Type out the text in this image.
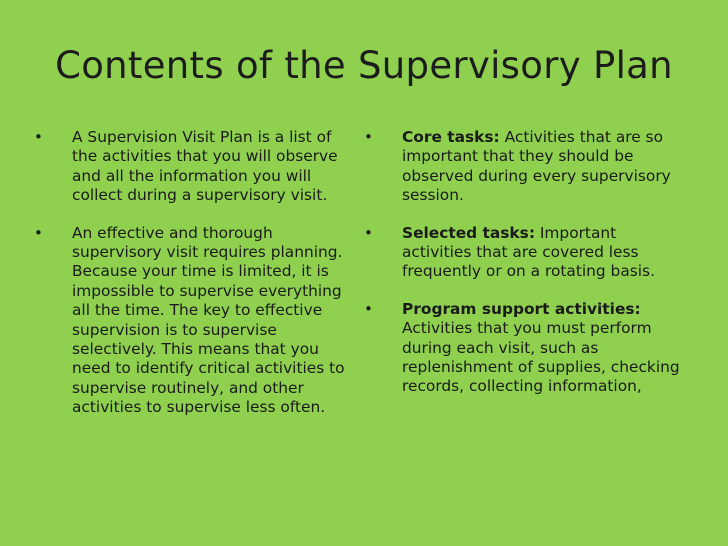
Contents of the Supervisory Plan
•	A Supervision Visit Plan is a list of the activities that you will observe and all the information you will collect during a supervisory visit.
•	An effective and thorough supervisory visit requires planning. Because your time is limited, it is impossible to supervise everything all the time. The key to effective supervision is to supervise selectively. This means that you need to identify critical activities to supervise routinely, and other activities to supervise less often.
•	Core tasks: Activities that are so important that they should be observed during every supervisory session.
•	Selected tasks: Important activities that are covered less frequently or on a rotating basis.
•	Program support activities: Activities that you must perform during each visit, such as replenishment of supplies, checking records, collecting information,
